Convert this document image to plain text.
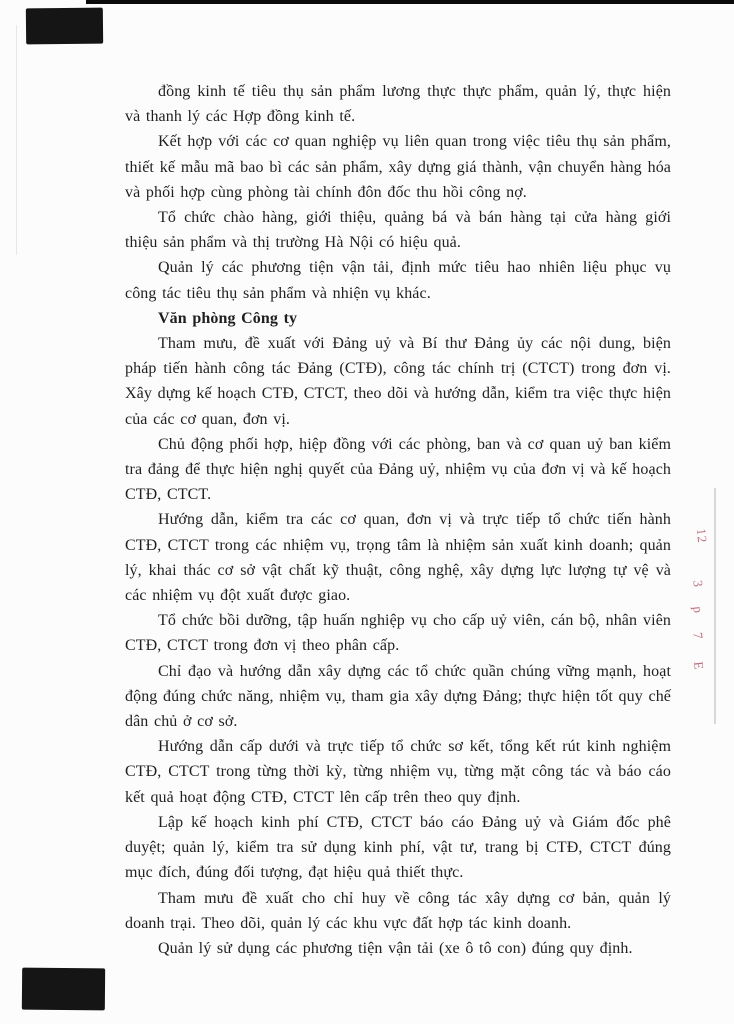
12
3
p
7
E

đồng kinh tế tiêu thụ sản phẩm lương thực thực phẩm, quản lý, thực hiện và thanh lý các Hợp đồng kinh tế.

Kết hợp với các cơ quan nghiệp vụ liên quan trong việc tiêu thụ sản phẩm, thiết kế mẫu mã bao bì các sản phẩm, xây dựng giá thành, vận chuyển hàng hóa và phối hợp cùng phòng tài chính đôn đốc thu hồi công nợ.

Tổ chức chào hàng, giới thiệu, quảng bá và bán hàng tại cửa hàng giới thiệu sản phẩm và thị trường Hà Nội có hiệu quả.

Quản lý các phương tiện vận tải, định mức tiêu hao nhiên liệu phục vụ công tác tiêu thụ sản phẩm và nhiện vụ khác.

Văn phòng Công ty

Tham mưu, đề xuất với Đảng uỷ và Bí thư Đảng ủy các nội dung, biện pháp tiến hành công tác Đảng (CTĐ), công tác chính trị (CTCT) trong đơn vị. Xây dựng kế hoạch CTĐ, CTCT, theo dõi và hướng dẫn, kiểm tra việc thực hiện của các cơ quan, đơn vị.

Chủ động phối hợp, hiệp đồng với các phòng, ban và cơ quan uỷ ban kiểm tra đảng để thực hiện nghị quyết của Đảng uỷ, nhiệm vụ của đơn vị và kế hoạch CTĐ, CTCT.

Hướng dẫn, kiểm tra các cơ quan, đơn vị và trực tiếp tổ chức tiến hành CTĐ, CTCT trong các nhiệm vụ, trọng tâm là nhiệm sản xuất kinh doanh; quản lý, khai thác cơ sở vật chất kỹ thuật, công nghệ, xây dựng lực lượng tự vệ và các nhiệm vụ đột xuất được giao.

Tổ chức bồi dưỡng, tập huấn nghiệp vụ cho cấp uỷ viên, cán bộ, nhân viên CTĐ, CTCT trong đơn vị theo phân cấp.

Chỉ đạo và hướng dẫn xây dựng các tổ chức quần chúng vững mạnh, hoạt động đúng chức năng, nhiệm vụ, tham gia xây dựng Đảng; thực hiện tốt quy chế dân chủ ở cơ sở.

Hướng dẫn cấp dưới và trực tiếp tổ chức sơ kết, tổng kết rút kinh nghiệm CTĐ, CTCT trong từng thời kỳ, từng nhiệm vụ, từng mặt công tác và báo cáo kết quả hoạt động CTĐ, CTCT lên cấp trên theo quy định.

Lập kế hoạch kinh phí CTĐ, CTCT báo cáo Đảng uỷ và Giám đốc phê duyệt; quản lý, kiểm tra sử dụng kinh phí, vật tư, trang bị CTĐ, CTCT đúng mục đích, đúng đối tượng, đạt hiệu quả thiết thực.

Tham mưu đề xuất cho chỉ huy về công tác xây dựng cơ bản, quản lý doanh trại. Theo dõi, quản lý các khu vực đất hợp tác kinh doanh.

Quản lý sử dụng các phương tiện vận tải (xe ô tô con) đúng quy định.
